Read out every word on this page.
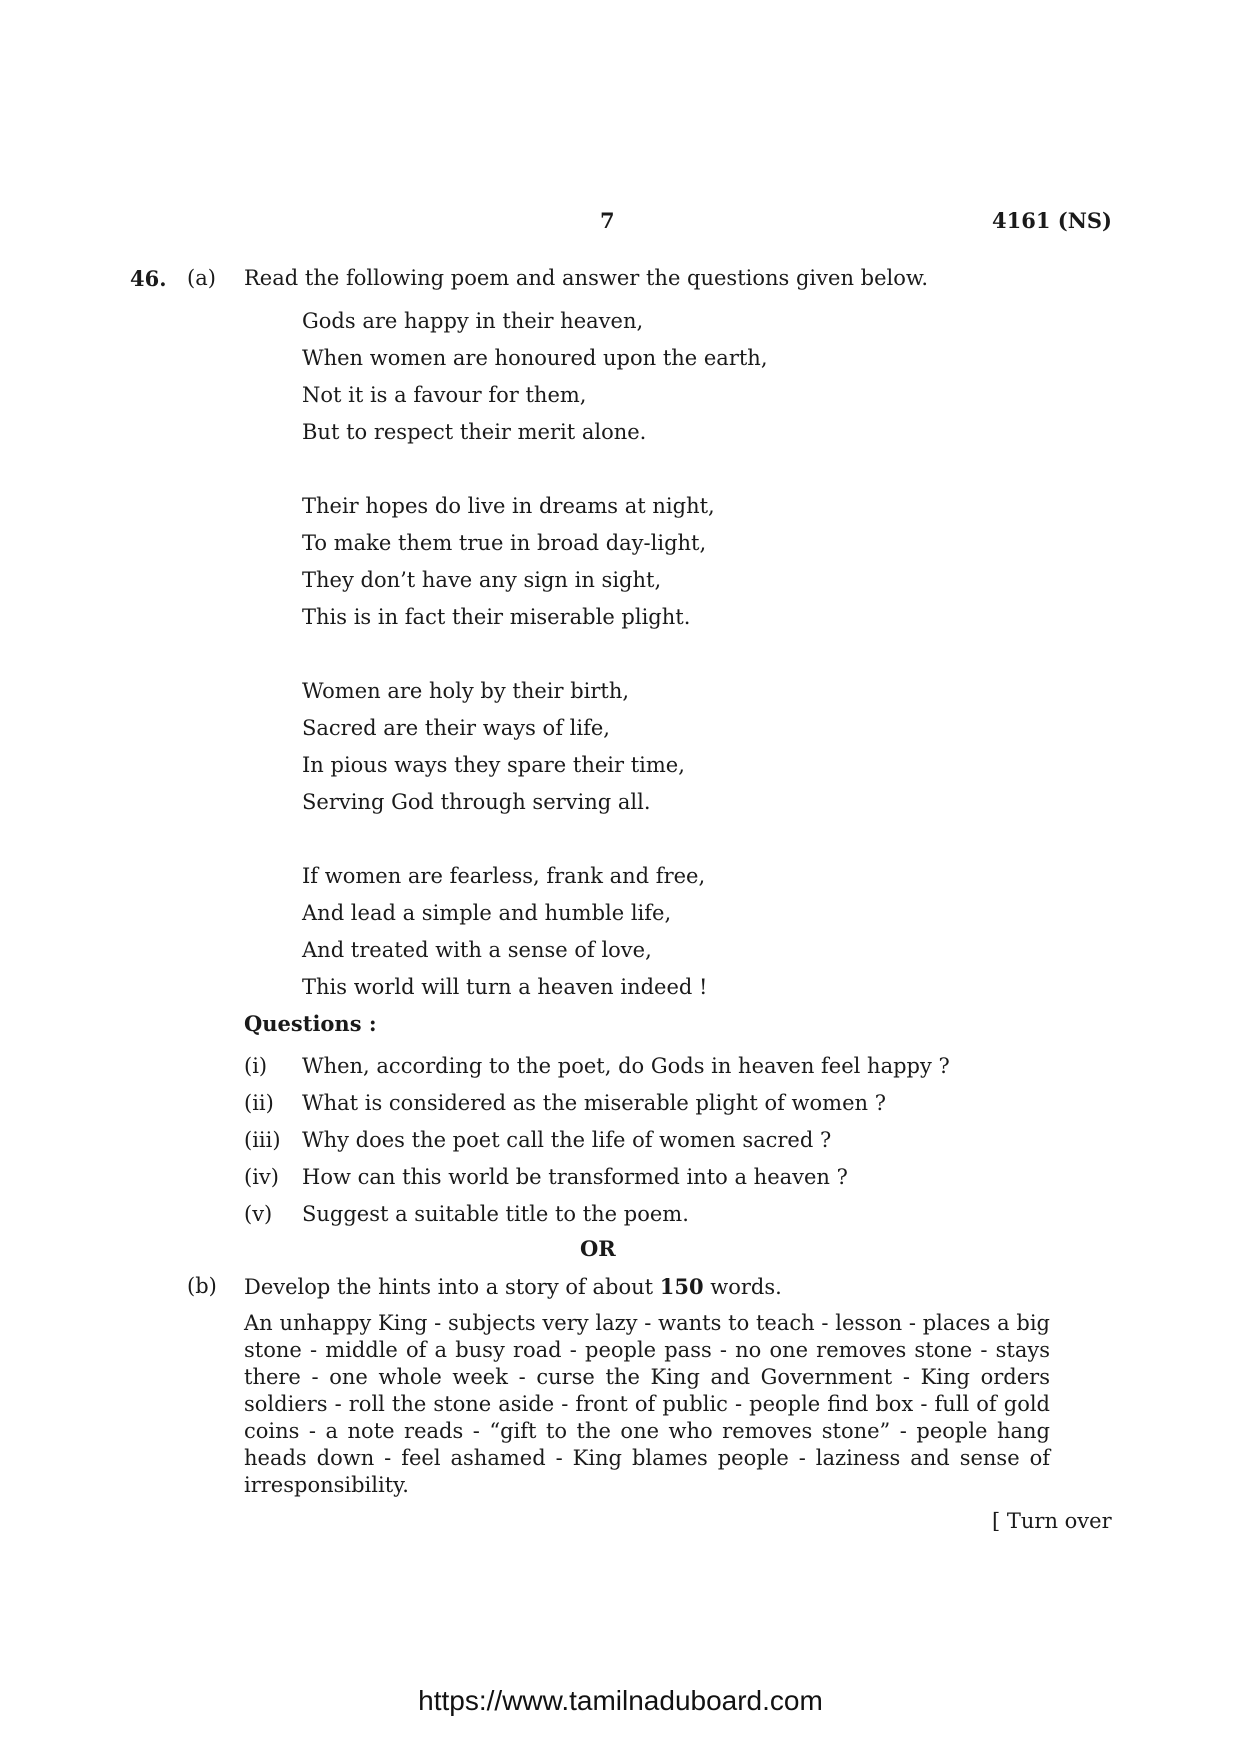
7	4161 (NS)
46. (a) Read the following poem and answer the questions given below.
Gods are happy in their heaven,
When women are honoured upon the earth,
Not it is a favour for them,
But to respect their merit alone.
Their hopes do live in dreams at night,
To make them true in broad day-light,
They don’t have any sign in sight,
This is in fact their miserable plight.
Women are holy by their birth,
Sacred are their ways of life,
In pious ways they spare their time,
Serving God through serving all.
If women are fearless, frank and free,
And lead a simple and humble life,
And treated with a sense of love,
This world will turn a heaven indeed !
Questions :
(i)	When, according to the poet, do Gods in heaven feel happy ?
(ii)	What is considered as the miserable plight of women ?
(iii)	Why does the poet call the life of women sacred ?
(iv)	How can this world be transformed into a heaven ?
(v)	Suggest a suitable title to the poem.
OR
(b) Develop the hints into a story of about 150 words.
An unhappy King - subjects very lazy - wants to teach - lesson - places a big stone - middle of a busy road - people pass - no one removes stone - stays there - one whole week - curse the King and Government - King orders soldiers - roll the stone aside - front of public - people find box - full of gold coins - a note reads - “gift to the one who removes stone” - people hang heads down - feel ashamed - King blames people - laziness and sense of irresponsibility.
[ Turn over
https://www.tamilnaduboard.com
